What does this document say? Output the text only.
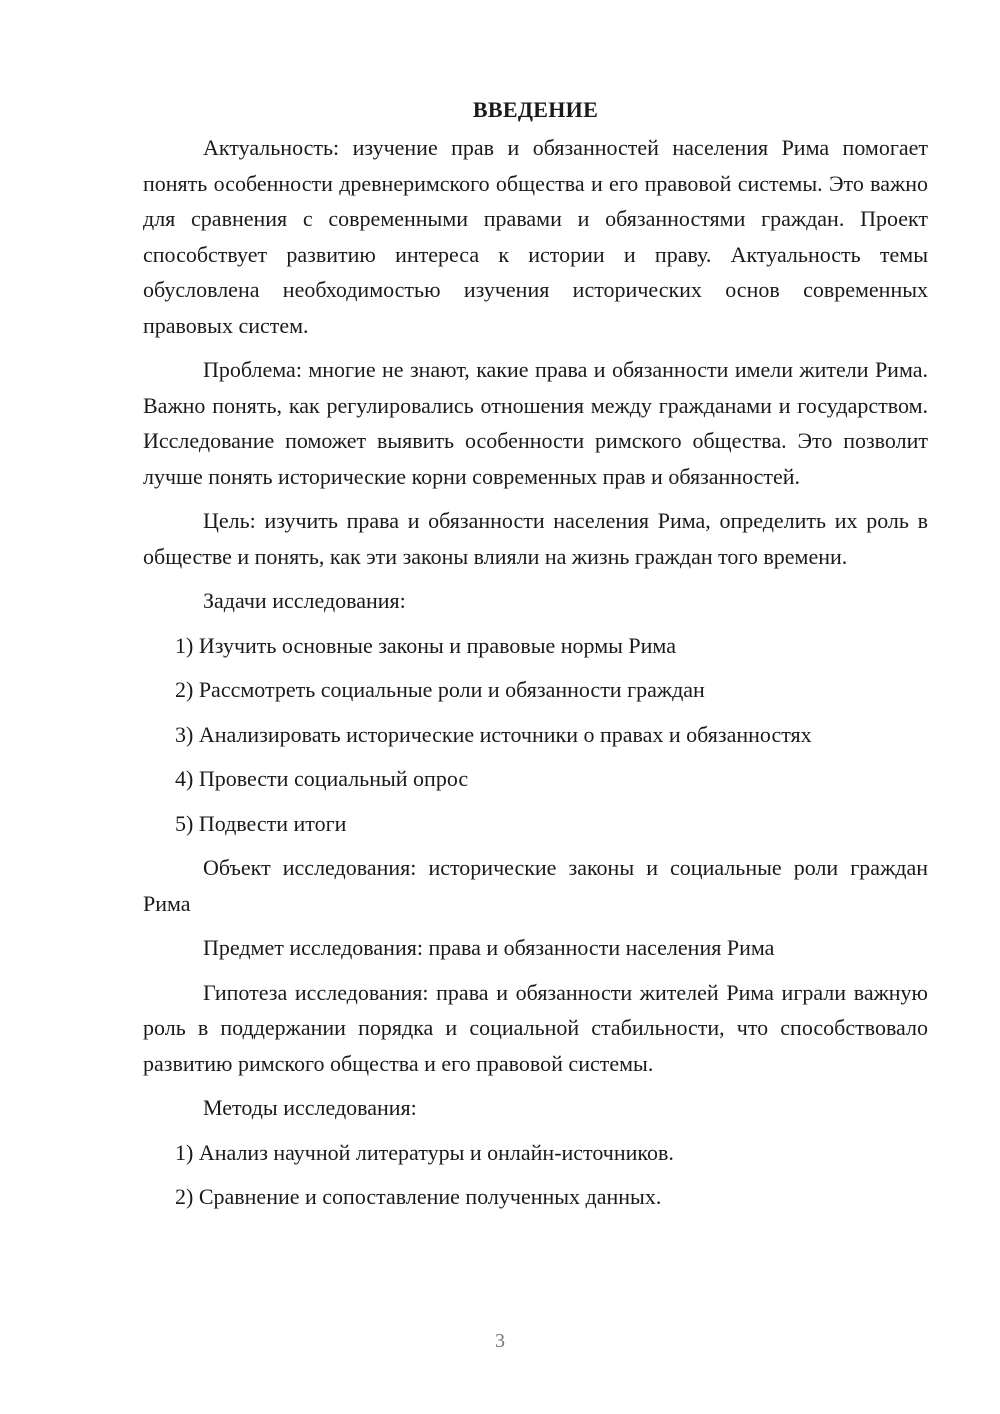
ВВЕДЕНИЕ

Актуальность: изучение прав и обязанностей населения Рима помогает понять особенности древнеримского общества и его правовой системы. Это важно для сравнения с современными правами и обязанностями граждан. Проект способствует развитию интереса к истории и праву. Актуальность темы обусловлена необходимостью изучения исторических основ современных правовых систем.

Проблема: многие не знают, какие права и обязанности имели жители Рима. Важно понять, как регулировались отношения между гражданами и государством. Исследование поможет выявить особенности римского общества. Это позволит лучше понять исторические корни современных прав и обязанностей.

Цель: изучить права и обязанности населения Рима, определить их роль в обществе и понять, как эти законы влияли на жизнь граждан того времени.

Задачи исследования:

1) Изучить основные законы и правовые нормы Рима

2) Рассмотреть социальные роли и обязанности граждан

3) Анализировать исторические источники о правах и обязанностях

4) Провести социальный опрос

5) Подвести итоги

Объект исследования: исторические законы и социальные роли граждан Рима

Предмет исследования: права и обязанности населения Рима

Гипотеза исследования: права и обязанности жителей Рима играли важную роль в поддержании порядка и социальной стабильности, что способствовало развитию римского общества и его правовой системы.

Методы исследования:

1) Анализ научной литературы и онлайн-источников.

2) Сравнение и сопоставление полученных данных.

3
